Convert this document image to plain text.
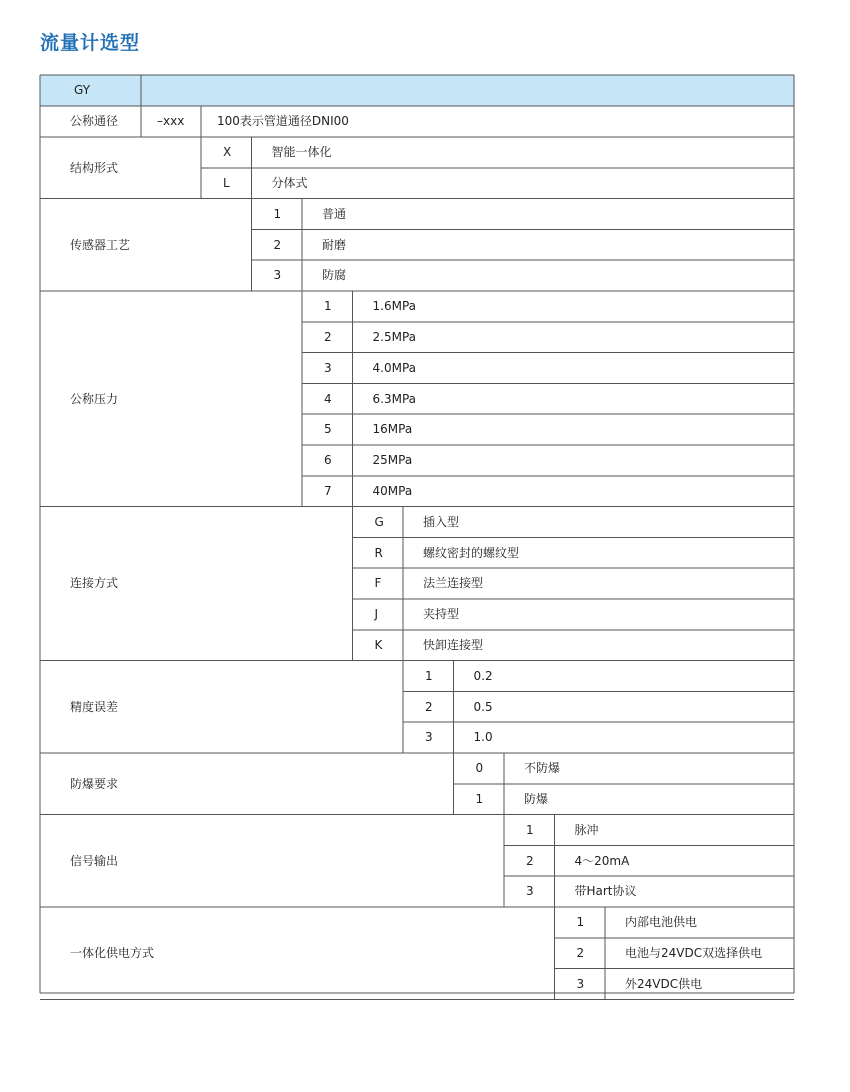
流量计选型
GY
公称通径	–xxx	100表示管道通径DNI00
结构形式
X	智能一体化
L	分体式
传感器工艺
1	普通
2	耐磨
3	防腐
公称压力
1	1.6MPa
2	2.5MPa
3	4.0MPa
4	6.3MPa
5	16MPa
6	25MPa
7	40MPa
连接方式
G	插入型
R	螺纹密封的螺纹型
F	法兰连接型
J	夹持型
K	快卸连接型
精度误差
1	0.2
2	0.5
3	1.0
防爆要求
0	不防爆
1	防爆
信号输出
1	脉冲
2	4～20mA
3	带Hart协议
一体化供电方式
1	内部电池供电
2	电池与24VDC双选择供电
3	外24VDC供电
